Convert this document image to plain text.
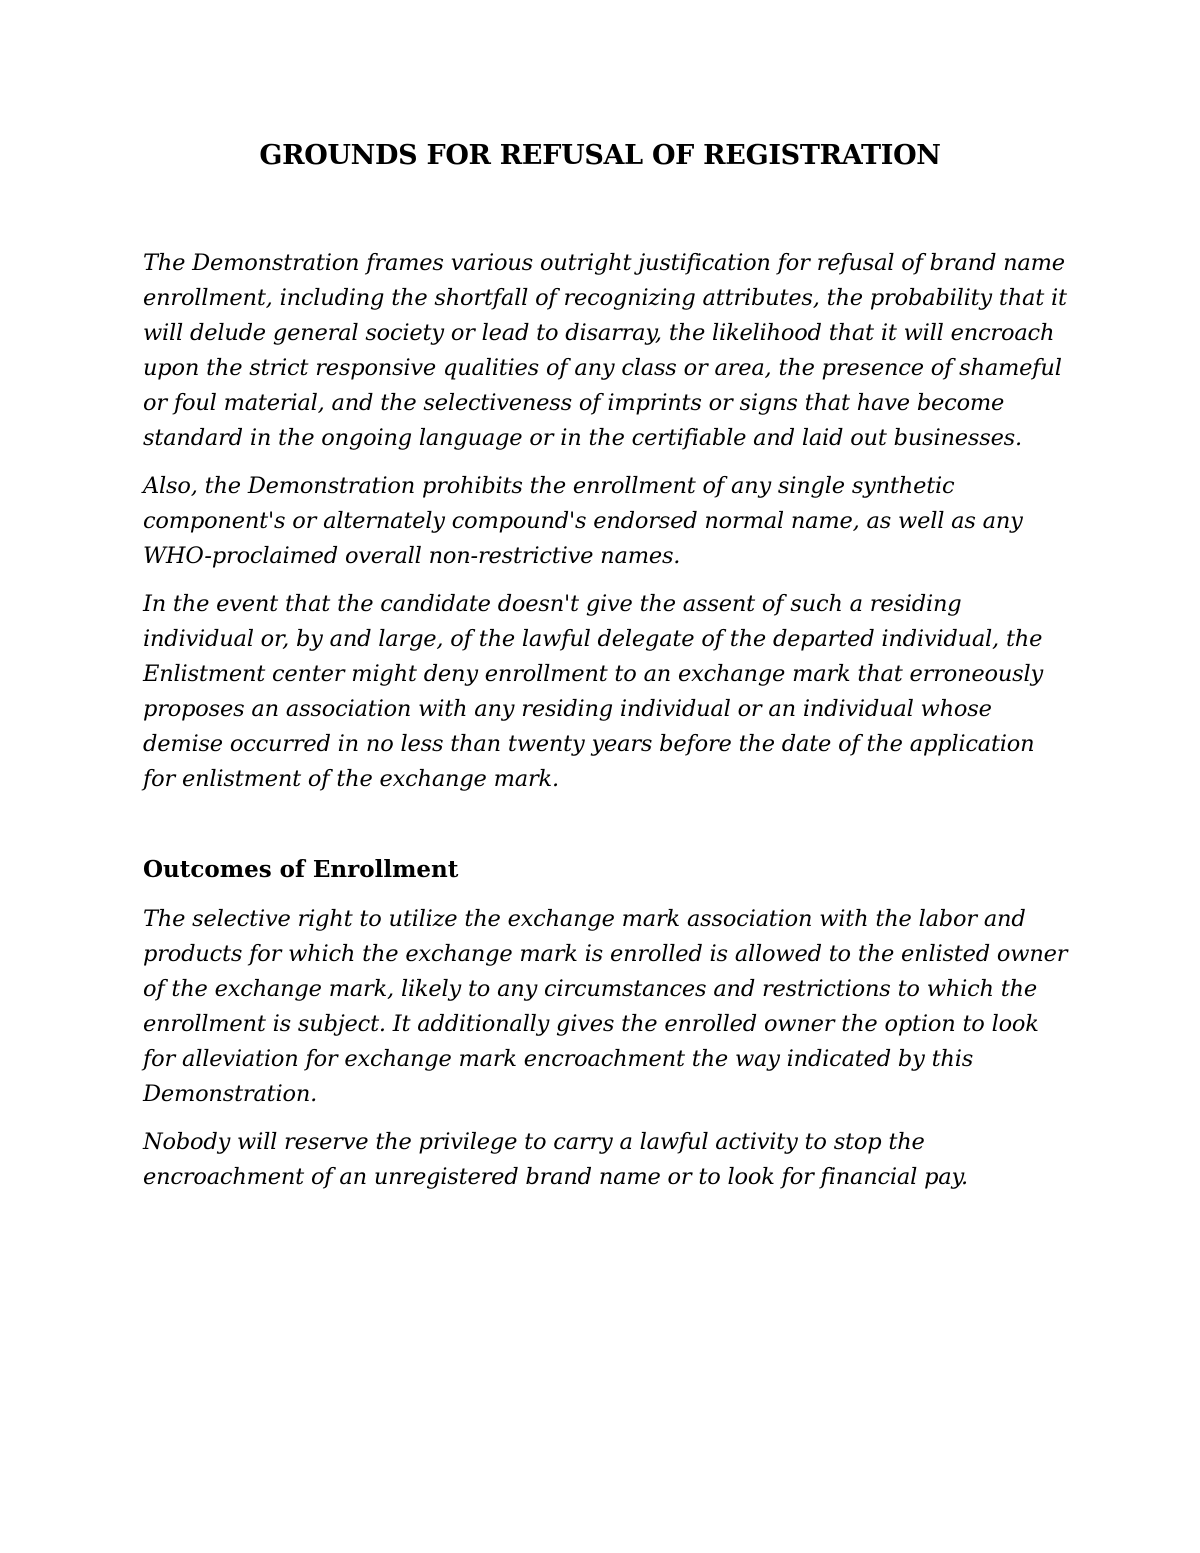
GROUNDS FOR REFUSAL OF REGISTRATION

The Demonstration frames various outright justification for refusal of brand name enrollment, including the shortfall of recognizing attributes, the probability that it will delude general society or lead to disarray, the likelihood that it will encroach upon the strict responsive qualities of any class or area, the presence of shameful or foul material, and the selectiveness of imprints or signs that have become standard in the ongoing language or in the certifiable and laid out businesses.

Also, the Demonstration prohibits the enrollment of any single synthetic component's or alternately compound's endorsed normal name, as well as any WHO-proclaimed overall non-restrictive names.

In the event that the candidate doesn't give the assent of such a residing individual or, by and large, of the lawful delegate of the departed individual, the Enlistment center might deny enrollment to an exchange mark that erroneously proposes an association with any residing individual or an individual whose demise occurred in no less than twenty years before the date of the application for enlistment of the exchange mark.

Outcomes of Enrollment

The selective right to utilize the exchange mark association with the labor and products for which the exchange mark is enrolled is allowed to the enlisted owner of the exchange mark, likely to any circumstances and restrictions to which the enrollment is subject. It additionally gives the enrolled owner the option to look for alleviation for exchange mark encroachment the way indicated by this Demonstration.

Nobody will reserve the privilege to carry a lawful activity to stop the encroachment of an unregistered brand name or to look for financial pay.
